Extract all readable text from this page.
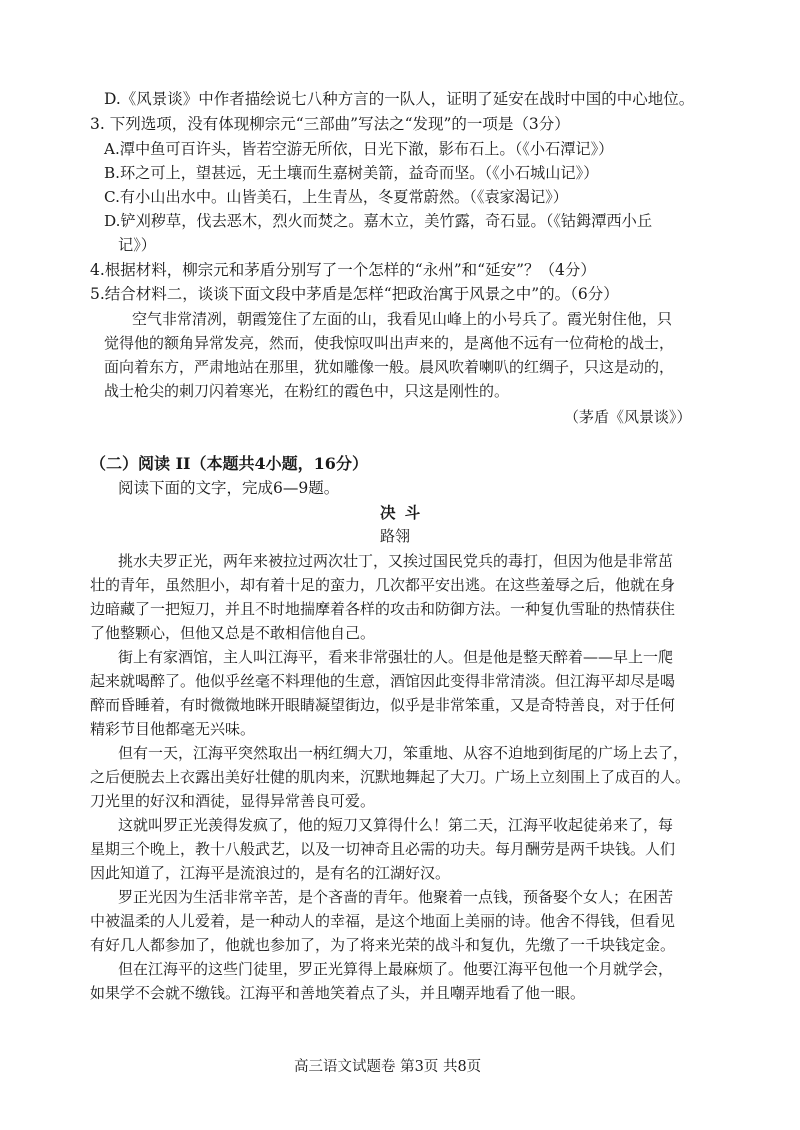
D.《风景谈》中作者描绘说七八种方言的一队人，证明了延安在战时中国的中心地位。
3. 下列选项，没有体现柳宗元“三部曲”写法之“发现”的一项是（3分）
A.潭中鱼可百许头，皆若空游无所依，日光下澈，影布石上。（《小石潭记》）
B.环之可上，望甚远，无土壤而生嘉树美箭，益奇而坚。（《小石城山记》）
C.有小山出水中。山皆美石，上生青丛，冬夏常蔚然。（《袁家渴记》）
D.铲刈秽草，伐去恶木，烈火而焚之。嘉木立，美竹露，奇石显。（《钴鉧潭西小丘
记》）
4.根据材料，柳宗元和茅盾分别写了一个怎样的“永州”和“延安”？（4分）
5.结合材料二，谈谈下面文段中茅盾是怎样“把政治寓于风景之中”的。（6分）
空气非常清冽，朝霞笼住了左面的山，我看见山峰上的小号兵了。霞光射住他，只
觉得他的额角异常发亮，然而，使我惊叹叫出声来的，是离他不远有一位荷枪的战士，
面向着东方，严肃地站在那里，犹如雕像一般。晨风吹着喇叭的红绸子，只这是动的，
战士枪尖的刺刀闪着寒光，在粉红的霞色中，只这是刚性的。
（茅盾《风景谈》）
（二）阅读 II（本题共4小题，16分）
阅读下面的文字，完成6—9题。
决斗
路翎
挑水夫罗正光，两年来被拉过两次壮丁，又挨过国民党兵的毒打，但因为他是非常茁
壮的青年，虽然胆小，却有着十足的蛮力，几次都平安出逃。在这些羞辱之后，他就在身
边暗藏了一把短刀，并且不时地揣摩着各样的攻击和防御方法。一种复仇雪耻的热情获住
了他整颗心，但他又总是不敢相信他自己。
街上有家酒馆，主人叫江海平，看来非常强壮的人。但是他是整天醉着——早上一爬
起来就喝醉了。他似乎丝毫不料理他的生意，酒馆因此变得非常清淡。但江海平却尽是喝
醉而昏睡着，有时微微地眯开眼睛凝望街边，似乎是非常笨重，又是奇特善良，对于任何
精彩节目他都毫无兴味。
但有一天，江海平突然取出一柄红绸大刀，笨重地、从容不迫地到街尾的广场上去了，
之后便脱去上衣露出美好壮健的肌肉来，沉默地舞起了大刀。广场上立刻围上了成百的人。
刀光里的好汉和酒徒，显得异常善良可爱。
这就叫罗正光羡得发疯了，他的短刀又算得什么！第二天，江海平收起徒弟来了，每
星期三个晚上，教十八般武艺，以及一切神奇且必需的功夫。每月酬劳是两千块钱。人们
因此知道了，江海平是流浪过的，是有名的江湖好汉。
罗正光因为生活非常辛苦，是个吝啬的青年。他聚着一点钱，预备娶个女人；在困苦
中被温柔的人儿爱着，是一种动人的幸福，是这个地面上美丽的诗。他舍不得钱，但看见
有好几人都参加了，他就也参加了，为了将来光荣的战斗和复仇，先缴了一千块钱定金。
但在江海平的这些门徒里，罗正光算得上最麻烦了。他要江海平包他一个月就学会，
如果学不会就不缴钱。江海平和善地笑着点了头，并且嘲弄地看了他一眼。
高三语文试题卷 第3页 共8页
